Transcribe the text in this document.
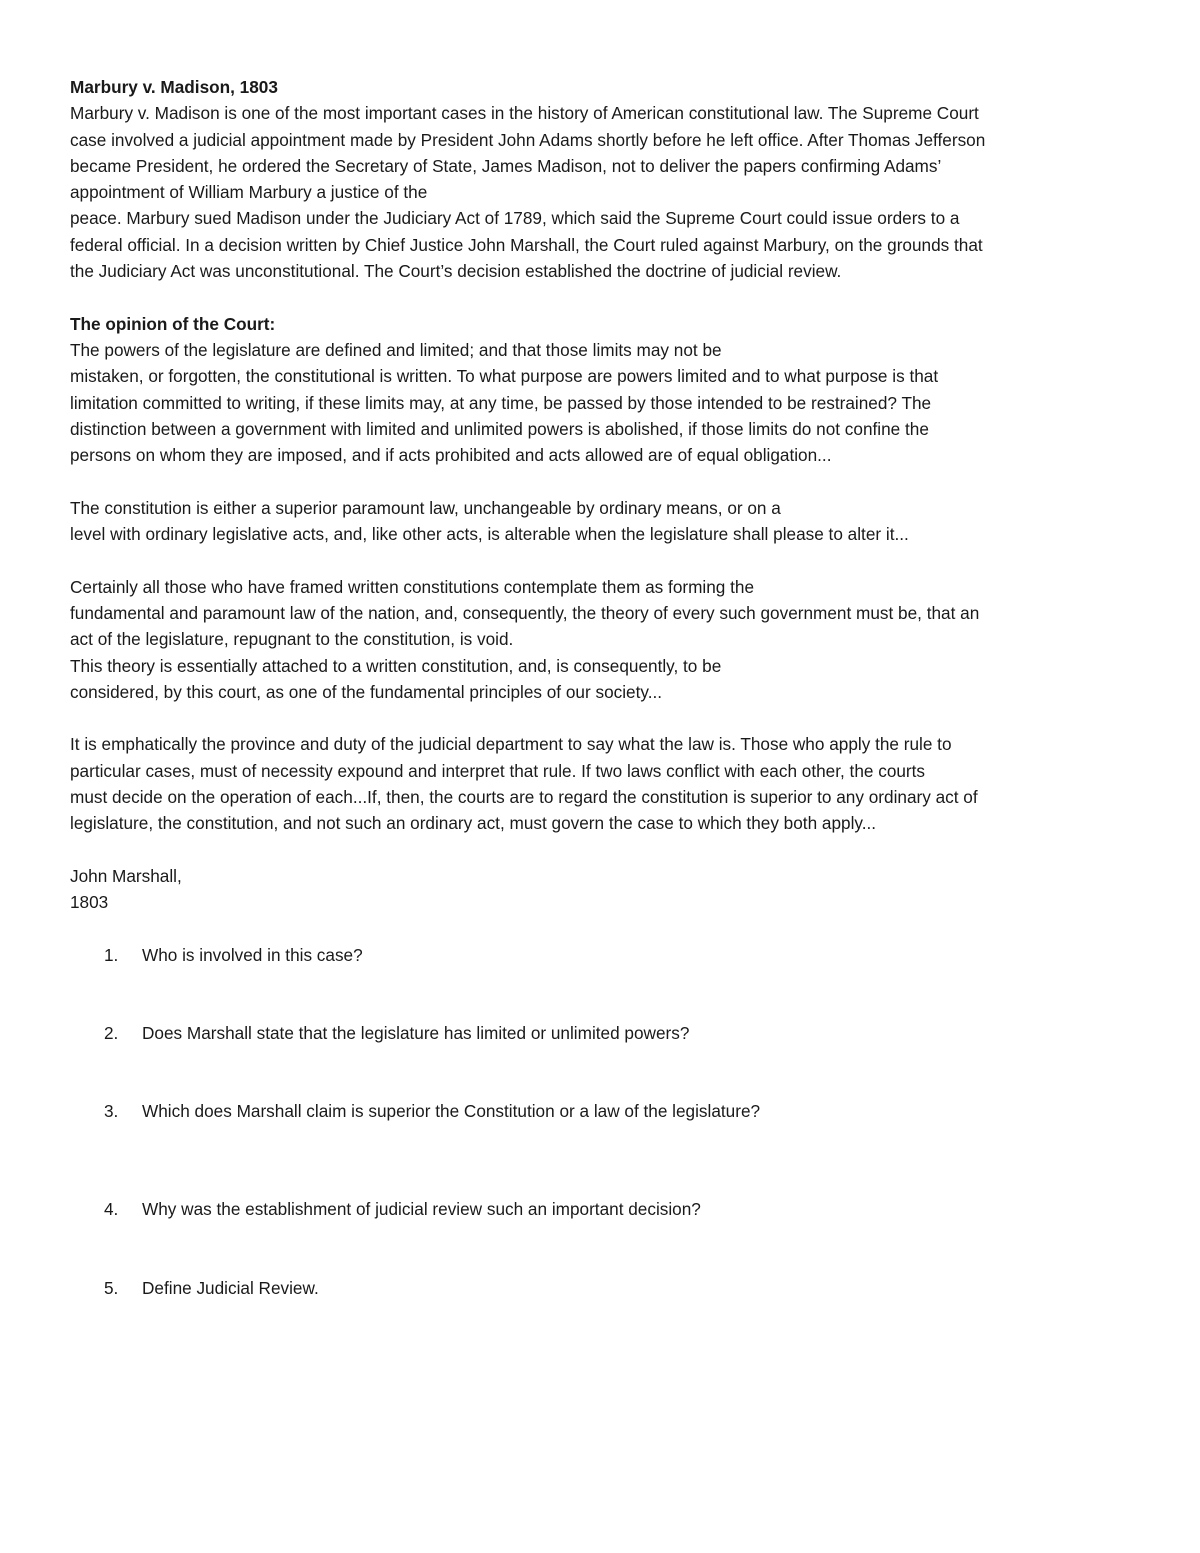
Marbury v. Madison, 1803

Marbury v. Madison is one of the most important cases in the history of American constitutional law. The Supreme Court

case involved a judicial appointment made by President John Adams shortly before he left office. After Thomas Jefferson

became President, he ordered the Secretary of State, James Madison, not to deliver the papers confirming Adams’

appointment of William Marbury a justice of the

peace. Marbury sued Madison under the Judiciary Act of 1789, which said the Supreme Court could issue orders to a

federal official. In a decision written by Chief Justice John Marshall, the Court ruled against Marbury, on the grounds that

the Judiciary Act was unconstitutional. The Court’s decision established the doctrine of judicial review.

The opinion of the Court:

The powers of the legislature are defined and limited; and that those limits may not be

mistaken, or forgotten, the constitutional is written. To what purpose are powers limited and to what purpose is that

limitation committed to writing, if these limits may, at any time, be passed by those intended to be restrained? The

distinction between a government with limited and unlimited powers is abolished, if those limits do not confine the

persons on whom they are imposed, and if acts prohibited and acts allowed are of equal obligation...

The constitution is either a superior paramount law, unchangeable by ordinary means, or on a

level with ordinary legislative acts, and, like other acts, is alterable when the legislature shall please to alter it...

Certainly all those who have framed written constitutions contemplate them as forming the

fundamental and paramount law of the nation, and, consequently, the theory of every such government must be, that an

act of the legislature, repugnant to the constitution, is void.

This theory is essentially attached to a written constitution, and, is consequently, to be

considered, by this court, as one of the fundamental principles of our society...

It is emphatically the province and duty of the judicial department to say what the law is. Those who apply the rule to

particular cases, must of necessity expound and interpret that rule. If two laws conflict with each other, the courts

must decide on the operation of each...If, then, the courts are to regard the constitution is superior to any ordinary act of

legislature, the constitution, and not such an ordinary act, must govern the case to which they both apply...

John Marshall,

1803

1. Who is involved in this case?
2. Does Marshall state that the legislature has limited or unlimited powers?
3. Which does Marshall claim is superior the Constitution or a law of the legislature?
4. Why was the establishment of judicial review such an important decision?
5. Define Judicial Review.
